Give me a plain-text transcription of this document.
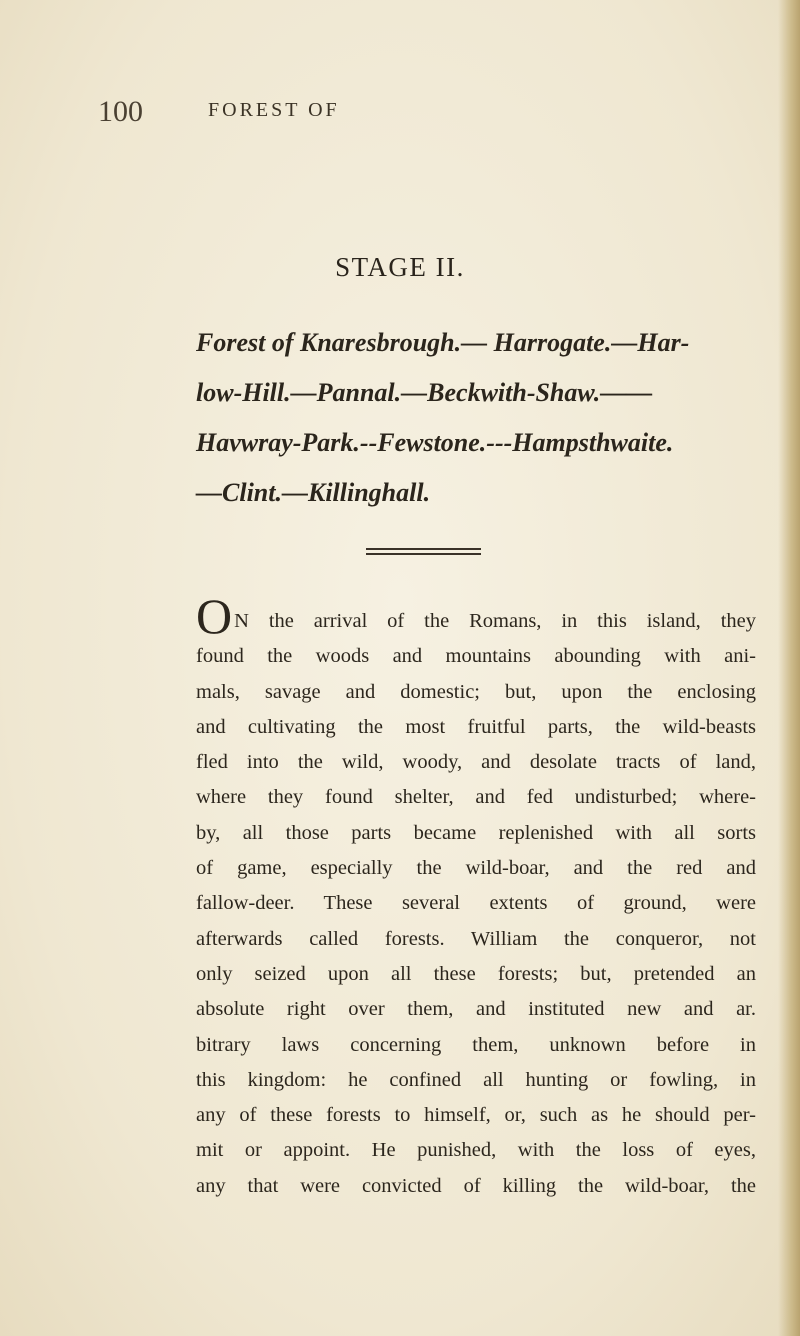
100	FOREST OF
STAGE II.
Forest of Knaresbrough.— Harrogate.—Har-
low-Hill.—Pannal.—Beckwith-Shaw.——
Havwray-Park.--Fewstone.---Hampsthwaite.
—Clint.—Killinghall.
ON the arrival of the Romans, in this island, they
found the woods and mountains abounding with ani-
mals, savage and domestic; but, upon the enclosing
and cultivating the most fruitful parts, the wild-beasts
fled into the wild, woody, and desolate tracts of land,
where they found shelter, and fed undisturbed; where-
by, all those parts became replenished with all sorts
of game, especially the wild-boar, and the red and
fallow-deer. These several extents of ground, were
afterwards called forests. William the conqueror, not
only seized upon all these forests; but, pretended an
absolute right over them, and instituted new and ar.
bitrary laws concerning them, unknown before in
this kingdom: he confined all hunting or fowling, in
any of these forests to himself, or, such as he should per-
mit or appoint. He punished, with the loss of eyes,
any that were convicted of killing the wild-boar, the
